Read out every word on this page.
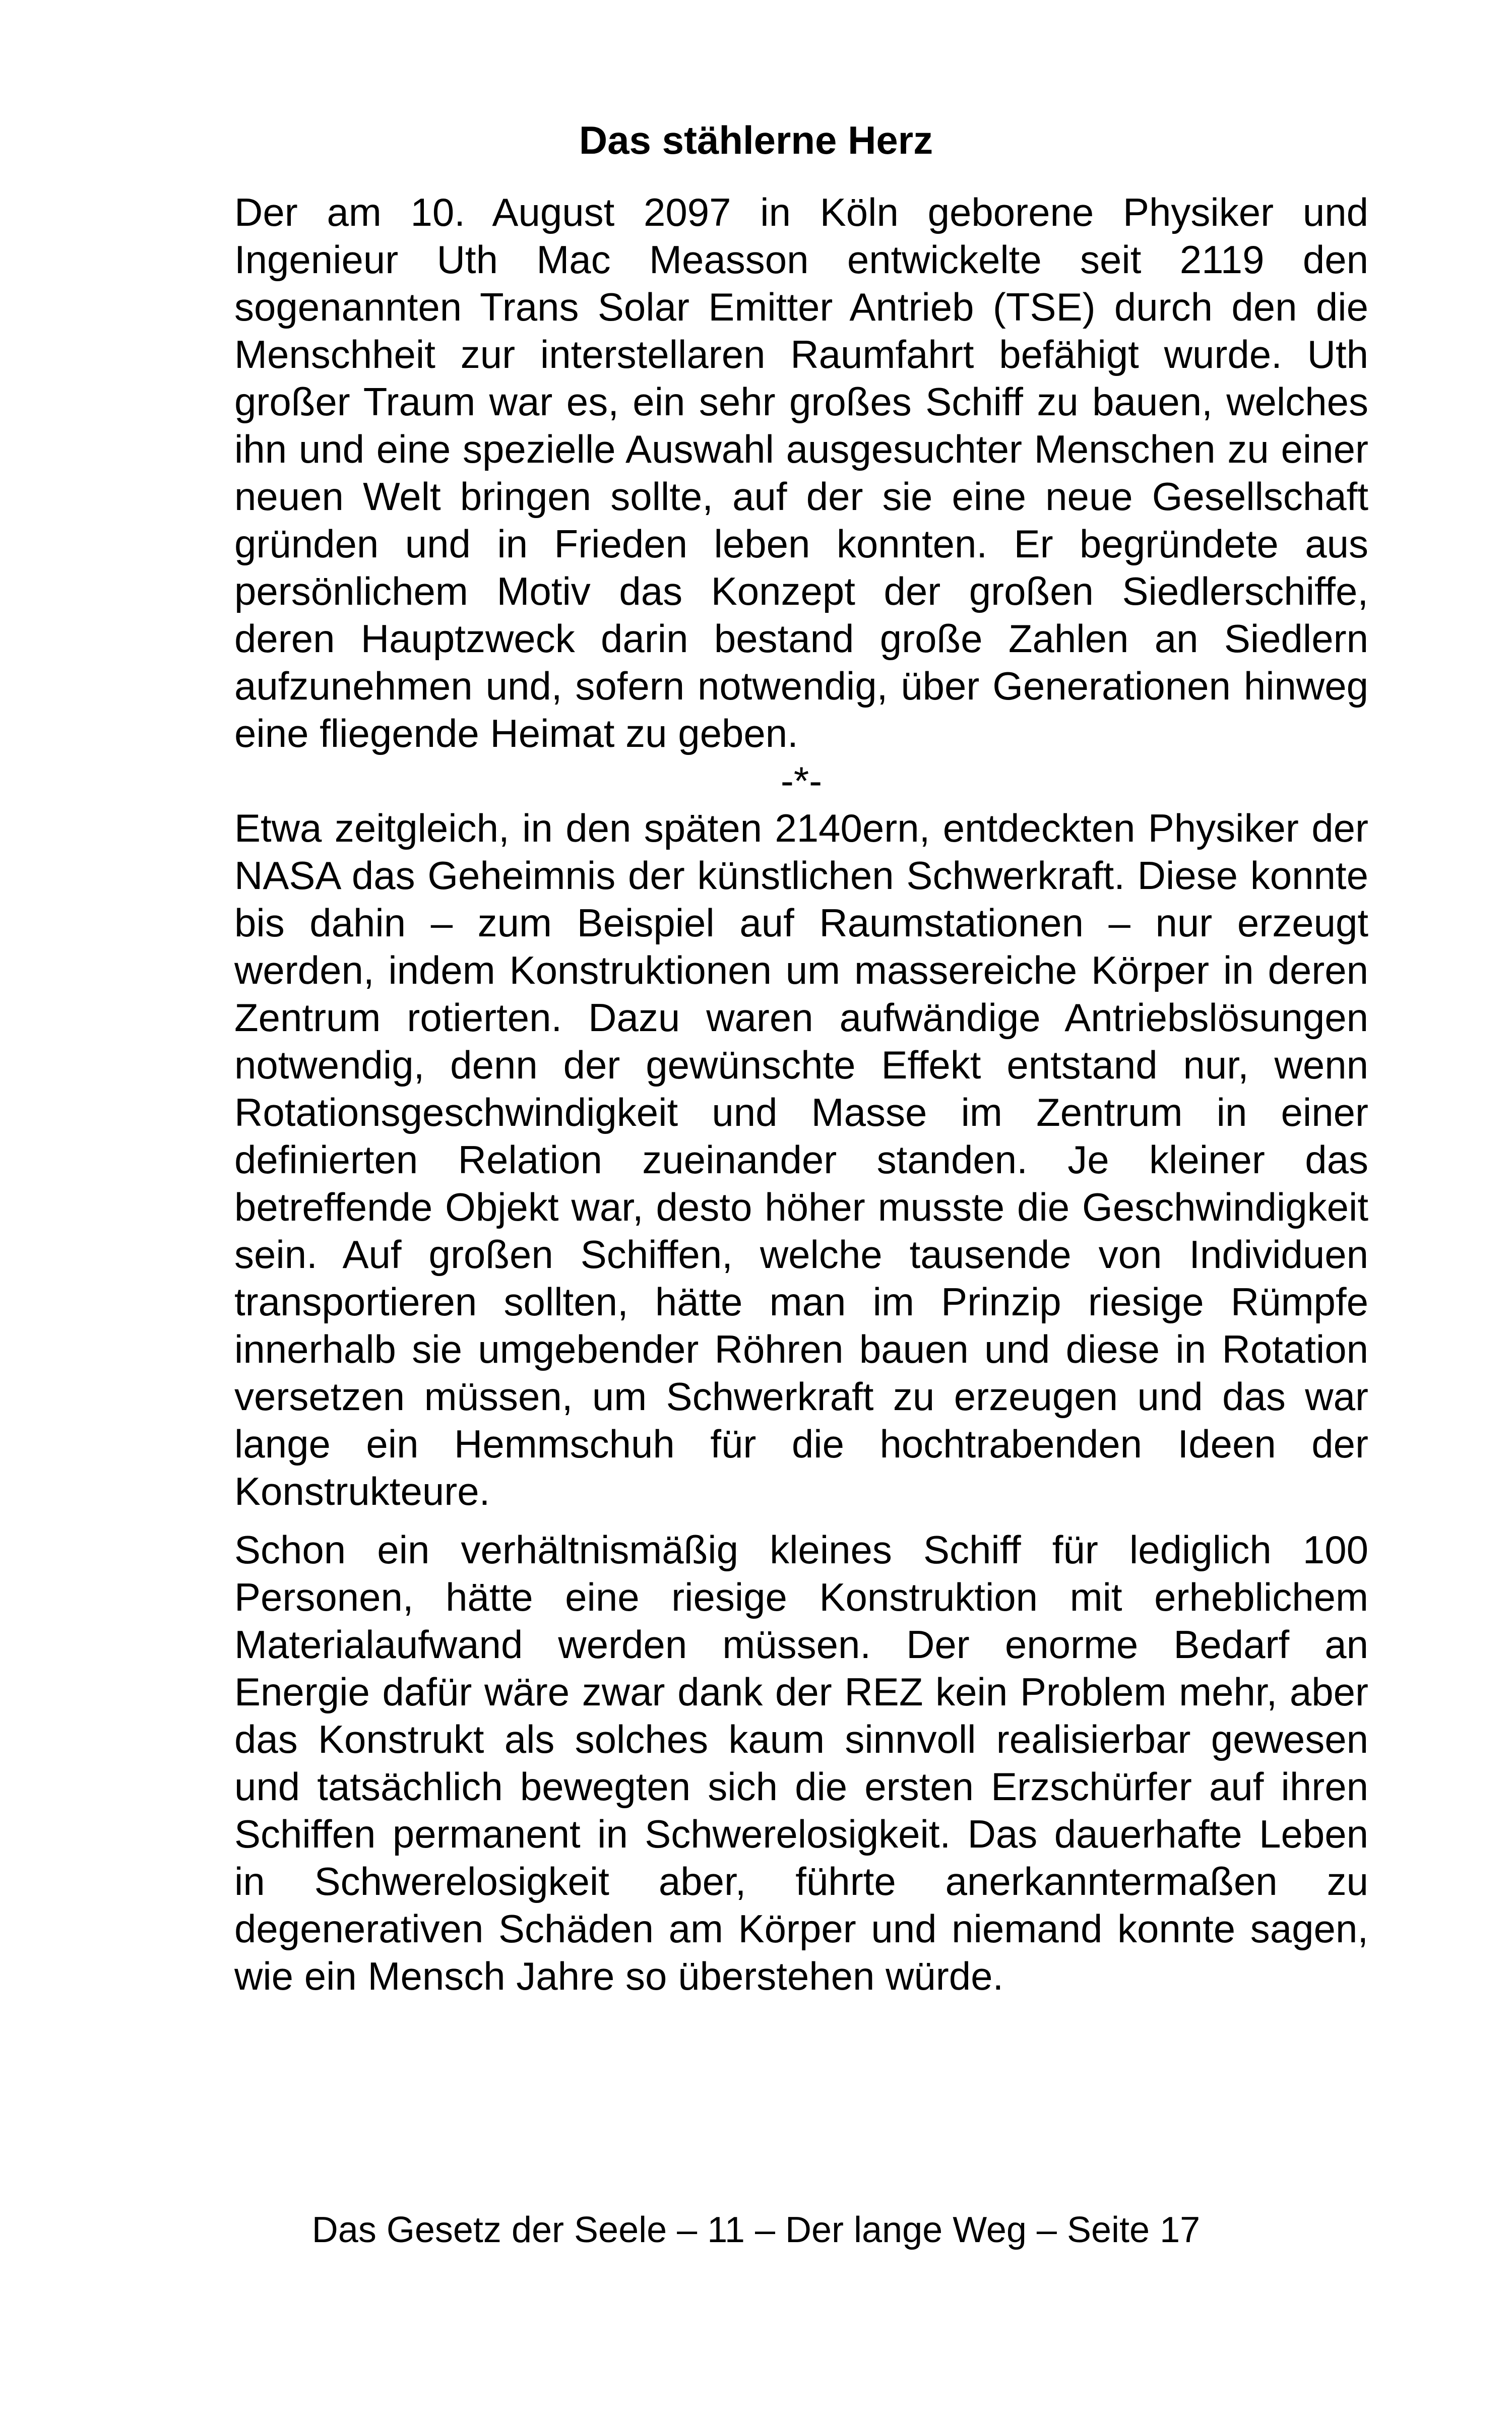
Das stählerne Herz

Der am 10. August 2097 in Köln geborene Physiker und Ingenieur Uth Mac Measson entwickelte seit 2119 den sogenannten Trans Solar Emitter Antrieb (TSE) durch den die Menschheit zur interstellaren Raumfahrt befähigt wurde. Uth großer Traum war es, ein sehr großes Schiff zu bauen, welches ihn und eine spezielle Auswahl ausgesuchter Menschen zu einer neuen Welt bringen sollte, auf der sie eine neue Gesellschaft gründen und in Frieden leben konnten. Er begründete aus persönlichem Motiv das Konzept der großen Siedlerschiffe, deren Hauptzweck darin bestand große Zahlen an Siedlern aufzunehmen und, sofern notwendig, über Generationen hinweg eine fliegende Heimat zu geben.

-*-

Etwa zeitgleich, in den späten 2140ern, entdeckten Physiker der NASA das Geheimnis der künstlichen Schwerkraft. Diese konnte bis dahin – zum Beispiel auf Raumstationen – nur erzeugt werden, indem Konstruktionen um massereiche Körper in deren Zentrum rotierten. Dazu waren aufwändige Antriebslösungen notwendig, denn der gewünschte Effekt entstand nur, wenn Rotationsgeschwindigkeit und Masse im Zentrum in einer definierten Relation zueinander standen. Je kleiner das betreffende Objekt war, desto höher musste die Geschwindigkeit sein. Auf großen Schiffen, welche tausende von Individuen transportieren sollten, hätte man im Prinzip riesige Rümpfe innerhalb sie umgebender Röhren bauen und diese in Rotation versetzen müssen, um Schwerkraft zu erzeugen und das war lange ein Hemmschuh für die hochtrabenden Ideen der Konstrukteure.

Schon ein verhältnismäßig kleines Schiff für lediglich 100 Personen, hätte eine riesige Konstruktion mit erheblichem Materialaufwand werden müssen. Der enorme Bedarf an Energie dafür wäre zwar dank der REZ kein Problem mehr, aber das Konstrukt als solches kaum sinnvoll realisierbar gewesen und tatsächlich bewegten sich die ersten Erzschürfer auf ihren Schiffen permanent in Schwerelosigkeit. Das dauerhafte Leben in Schwerelosigkeit aber, führte anerkanntermaßen zu degenerativen Schäden am Körper und niemand konnte sagen, wie ein Mensch Jahre so überstehen würde.

Das Gesetz der Seele – 11 – Der lange Weg – Seite 17
